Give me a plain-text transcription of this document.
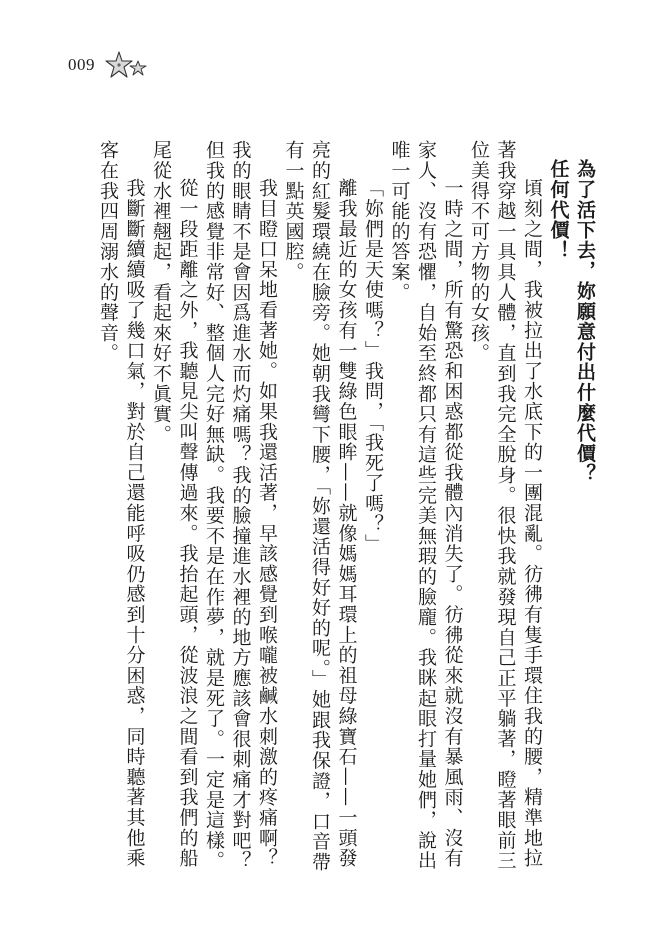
009

為了活下去，妳願意付出什麼代價？

任何代價！

頃刻之間，我被拉出了水底下的一團混亂。彷彿有隻手環住我的腰，精準地拉著我穿越一具具人體，直到我完全脫身。很快我就發現自己正平躺著，瞪著眼前三位美得不可方物的女孩。

一時之間，所有驚恐和困惑都從我體內消失了。彷彿從來就沒有暴風雨、沒有家人、沒有恐懼，自始至終都只有這些完美無瑕的臉龐。我眯起眼打量她們，說出唯一可能的答案。

「妳們是天使嗎？」我問，「我死了嗎？」

離我最近的女孩有一雙綠色眼眸——就像媽媽耳環上的祖母綠寶石——一頭發亮的紅髮環繞在臉旁。她朝我彎下腰，「妳還活得好好的呢。」她跟我保證，口音帶有一點英國腔。

我目瞪口呆地看著她。如果我還活著，早該感覺到喉嚨被鹹水刺激的疼痛啊？我的眼睛不是會因爲進水而灼痛嗎？我的臉撞進水裡的地方應該會很刺痛才對吧？但我的感覺非常好、整個人完好無缺。我要不是在作夢，就是死了。一定是這樣。

從一段距離之外，我聽見尖叫聲傳過來。我抬起頭，從波浪之間看到我們的船尾從水裡翹起，看起來好不眞實。

我斷斷續續吸了幾口氣，對於自己還能呼吸仍感到十分困惑，同時聽著其他乘客在我四周溺水的聲音。
